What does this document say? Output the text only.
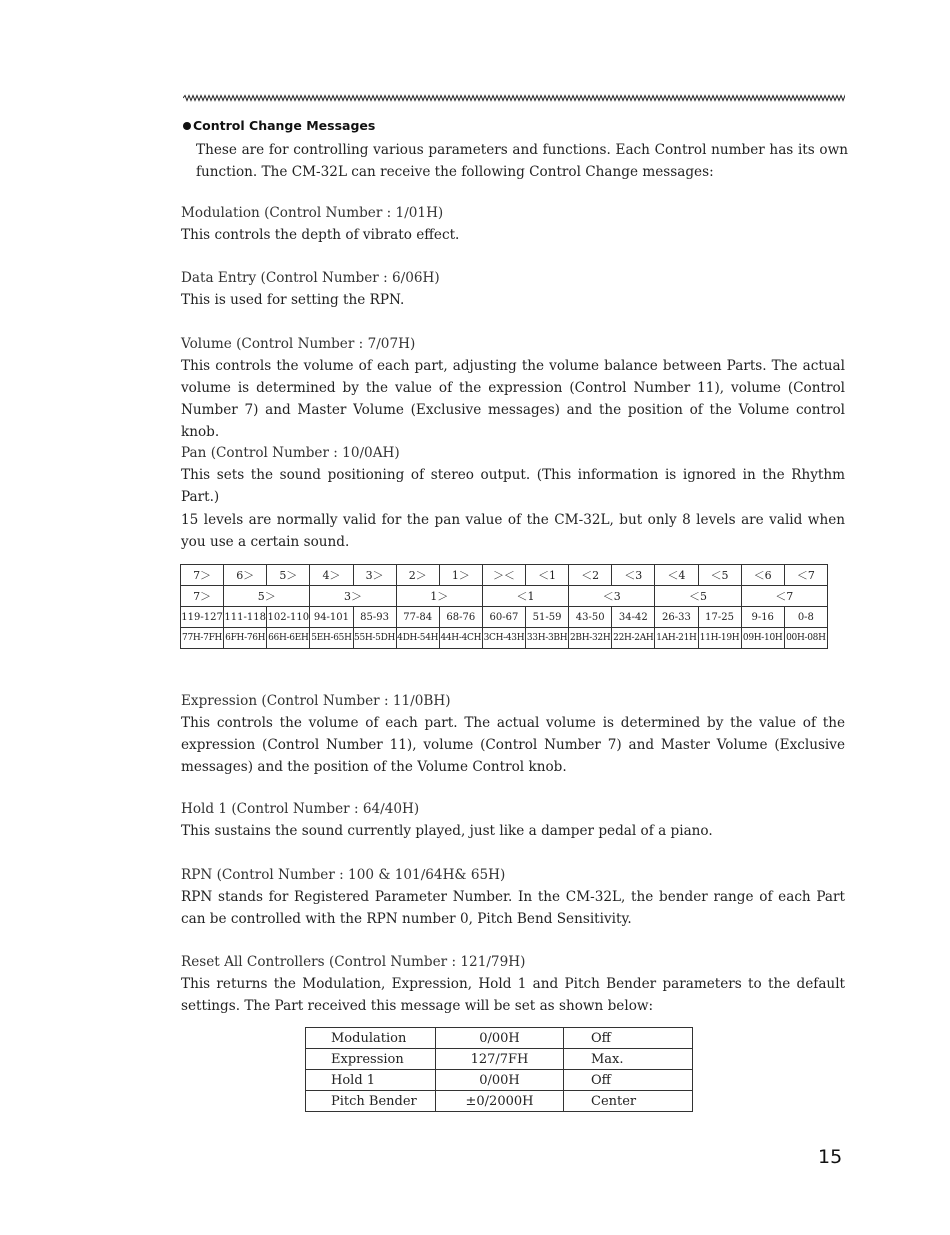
Control Change Messages
These are for controlling various parameters and functions. Each Control number has its own function. The CM-32L can receive the following Control Change messages:

Modulation (Control Number : 1∕01H)

This controls the depth of vibrato effect.

Data Entry (Control Number : 6∕06H)

This is used for setting the RPN.

Volume (Control Number : 7∕07H)

This controls the volume of each part, adjusting the volume balance between Parts. The actual volume is determined by the value of the expression (Control Number 11), volume (Control Number 7) and Master Volume (Exclusive messages) and the position of the Volume control knob.

Pan (Control Number : 10∕0AH)

This sets the sound positioning of stereo output. (This information is ignored in the Rhythm Part.)

15 levels are normally valid for the pan value of the CM-32L, but only 8 levels are valid when you use a certain sound.

7＞	6＞	5＞	4＞	3＞	2＞	1＞	＞＜	＜1	＜2	＜3	＜4	＜5	＜6	＜7
7＞	5＞		3＞		1＞		＜1		＜3		＜5		＜7	
119-127	111-118	102-110	94-101	85-93	77-84	68-76	60-67	51-59	43-50	34-42	26-33	17-25	9-16	0-8
77H-7FH	6FH-76H	66H-6EH	5EH-65H	55H-5DH	4DH-54H	44H-4CH	3CH-43H	33H-3BH	2BH-32H	22H-2AH	1AH-21H	11H-19H	09H-10H	00H-08H

Expression (Control Number : 11∕0BH)

This controls the volume of each part. The actual volume is determined by the value of the expression (Control Number 11), volume (Control Number 7) and Master Volume (Exclusive messages) and the position of the Volume Control knob.

Hold 1 (Control Number : 64∕40H)

This sustains the sound currently played, just like a damper pedal of a piano.

RPN (Control Number : 100 & 101∕64H& 65H)

RPN stands for Registered Parameter Number. In the CM-32L, the bender range of each Part can be controlled with the RPN number 0, Pitch Bend Sensitivity.

Reset All Controllers (Control Number : 121∕79H)

This returns the Modulation, Expression, Hold 1 and Pitch Bender parameters to the default settings. The Part received this message will be set as shown below:

Modulation	0/00H	Off
Expression	127/7FH	Max.
Hold 1	0/00H	Off
Pitch Bender	±0/2000H	Center
15
